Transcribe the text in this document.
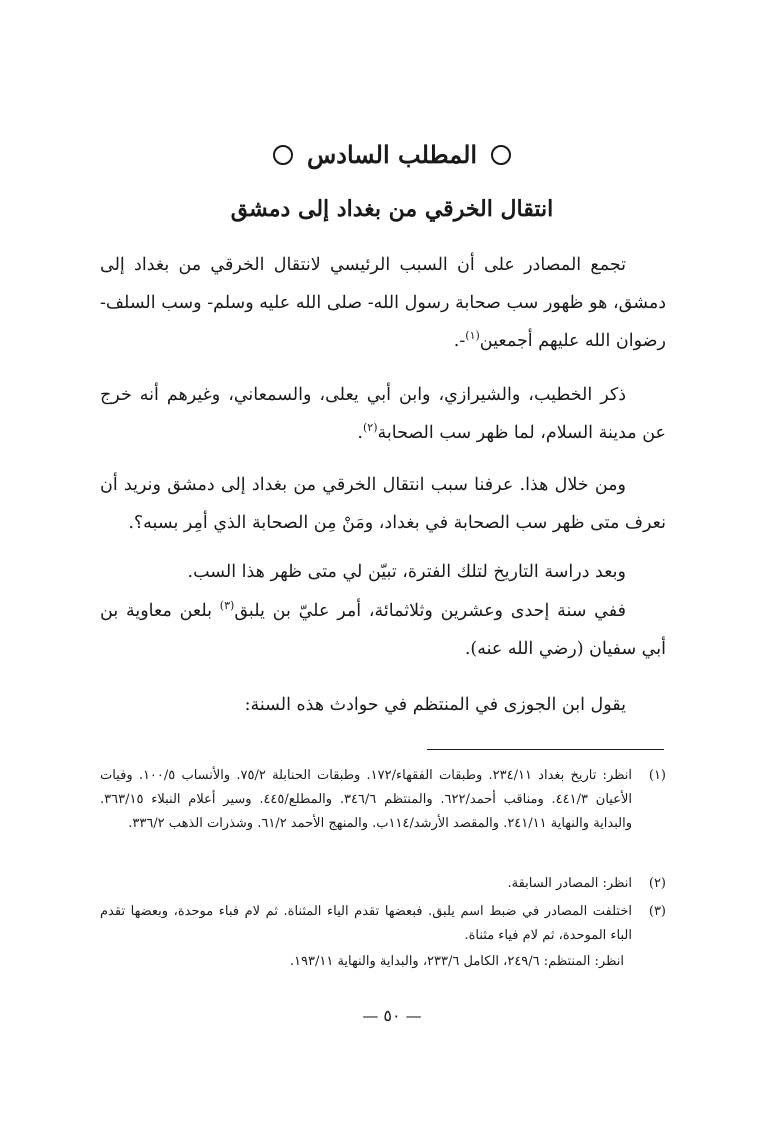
المطلب السادس
انتقال الخرقي من بغداد إلى دمشق

تجمع المصادر على أن السبب الرئيسي لانتقال الخرقي من بغداد إلى دمشق، هو ظهور سب صحابة رسول الله- صلى الله عليه وسلم- وسب السلف- رضوان الله عليهم أجمعين$^{(١)}$-.

ذكر الخطيب، والشيرازي، وابن أبي يعلى، والسمعاني، وغيرهم أنه خرج عن مدينة السلام، لما ظهر سب الصحابة$^{(٢)}$.

ومن خلال هذا. عرفنا سبب انتقال الخرقي من بغداد إلى دمشق ونريد أن نعرف متى ظهر سب الصحابة في بغداد، ومَنْ مِن الصحابة الذي أمِر بسبه؟.

وبعد دراسة التاريخ لتلك الفترة، تبيّن لي متى ظهر هذا السب.

ففي سنة إحدى وعشرين وثلاثمائة، أمر عليّ بن يلبق$^{(٣)}$ بلعن معاوية بن أبي سفيان (رضي الله عنه).

يقول ابن الجوزى في المنتظم في حوادث هذه السنة:

(١)
انظر: تاريخ بغداد ٢٣٤/١١. وطبقات الفقهاء/١٧٢. وطبقات الحنابلة ٧٥/٢. والأنساب ١٠٠/٥. وفيات الأعيان ٤٤١/٣. ومناقب أحمد/٦٢٢. والمنتظم ٣٤٦/٦. والمطلع/٤٤٥. وسير أعلام النبلاء ٣٦٣/١٥. والبداية والنهاية ٢٤١/١١. والمقصد الأرشد/١١٤ب. والمنهج الأحمد ٦١/٢. وشذرات الذهب ٣٣٦/٢.
(٢)
انظر: المصادر السابقة.
(٣)
اختلفت المصادر في ضبط اسم يلبق. فبعضها تقدم الياء المثناة. ثم لام فباء موحدة، وبعضها تقدم الباء الموحدة، ثم لام فياء مثناة.
انظر: المنتظم: ٢٤٩/٦، الكامل ٢٣٣/٦، والبداية والنهاية ١٩٣/١١.
— ٥٠ —
